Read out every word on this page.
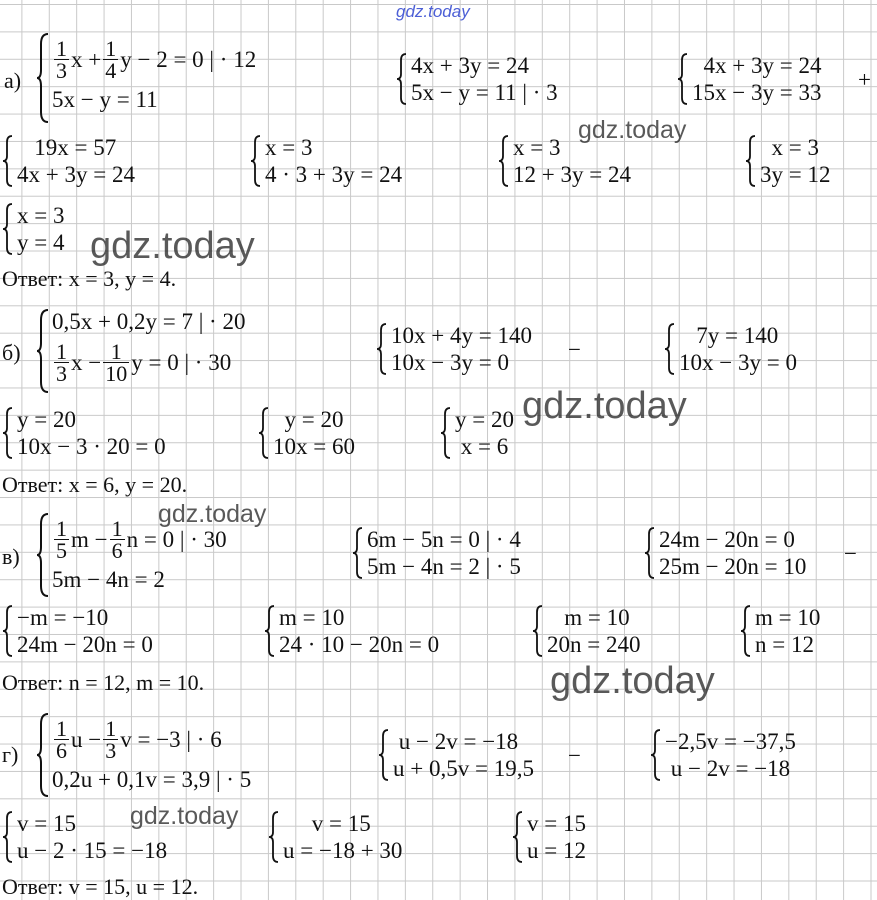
gdz.today
gdz.today
gdz.today
gdz.today
gdz.today
gdz.today
gdz.today
$а) \frac{1}{3}$ $x + \frac{1}{4}$ y − 2 = 0 | · 12
5x − y = 11
4x + 3y = 24
5x − y = 11 | · 3
4x + 3y = 24
15x − 3y = 33
+
19x = 57
4x + 3y = 24
x = 3
4 · 3 + 3y = 24
x = 3
12 + 3y = 24
x = 3
3y = 12
x = 3
y = 4
Ответ: x = 3, y = 4.
б)
0,5x + 0,2y = 7 | · 20
$\frac{1}{3}$ $x - \frac{1}{10}$ y = 0 | · 30
10x + 4y = 140
10x − 3y = 0
−
7y = 140
10x − 3y = 0
y = 20
10x − 3 · 20 = 0
y = 20
10x = 60
y = 20
x = 6
Ответ: x = 6, y = 20.
$в) \frac{1}{5}$ $m - \frac{1}{6}$ n = 0 | · 30
5m − 4n = 2
6m − 5n = 0 | · 4
5m − 4n = 2 | · 5
24m − 20n = 0
25m − 20n = 10
−
−m = −10
24m − 20n = 0
m = 10
24 · 10 − 20n = 0
m = 10
20n = 240
m = 10
n = 12
Ответ: n = 12, m = 10.
$г) \frac{1}{6}$ $u - \frac{1}{3}$ v = −3 | · 6
0,2u + 0,1v = 3,9 | · 5
u − 2v = −18
u + 0,5v = 19,5
−
−2,5v = −37,5
u − 2v = −18
v = 15
u − 2 · 15 = −18
v = 15
u = −18 + 30
v = 15
u = 12
Ответ: v = 15, u = 12.
